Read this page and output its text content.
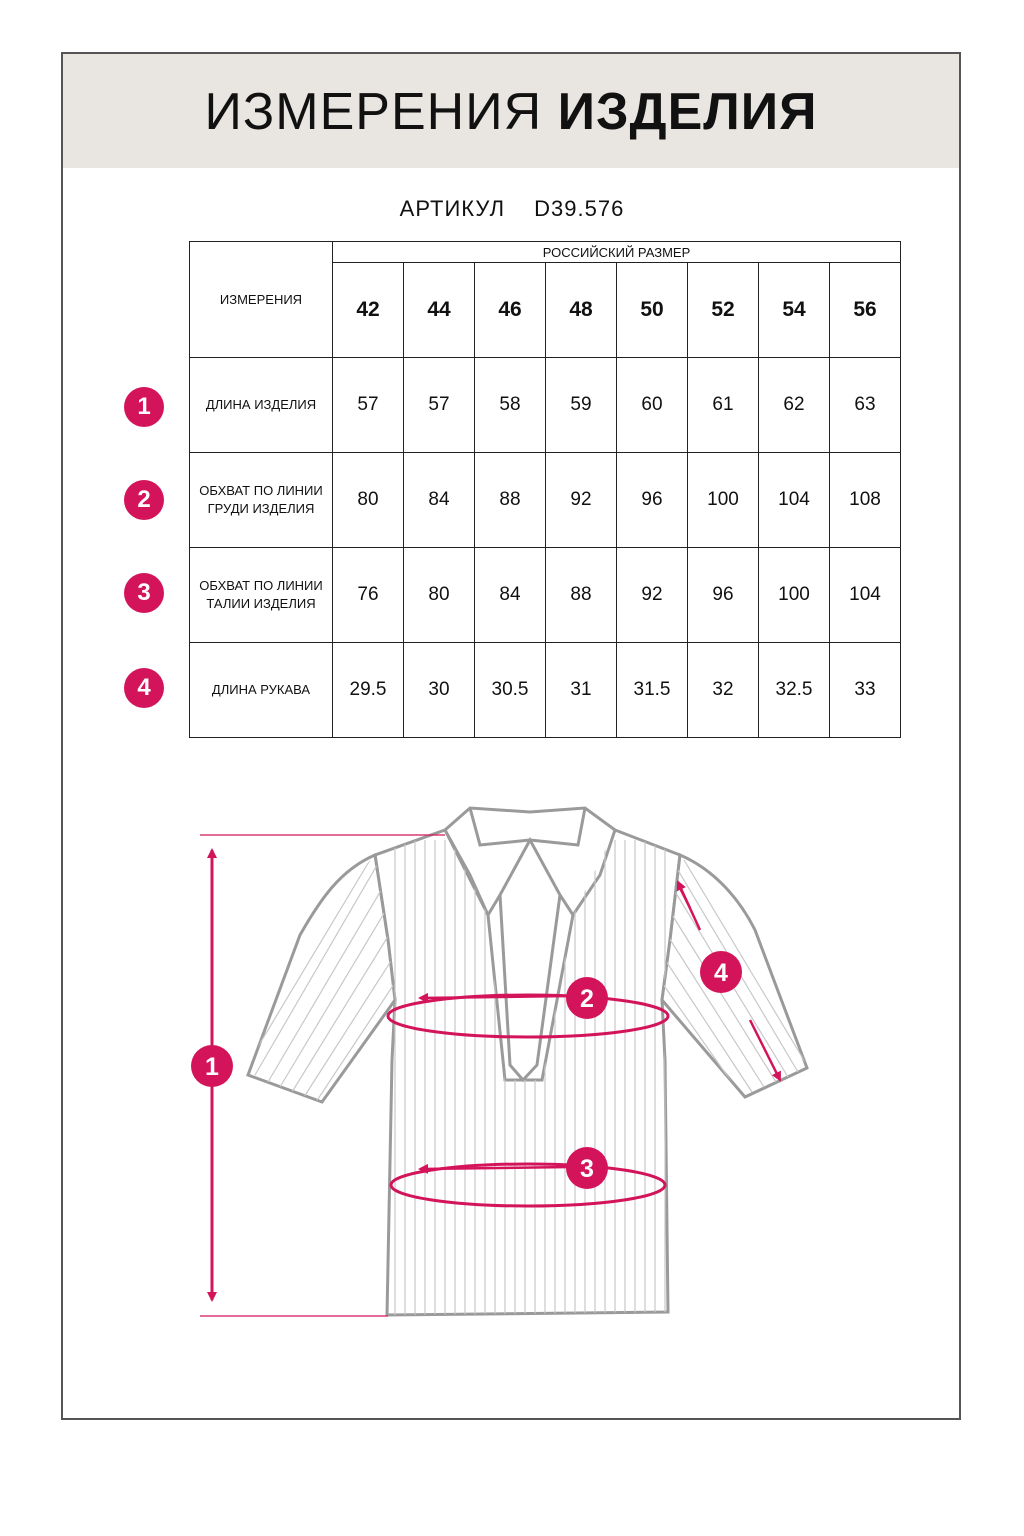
ИЗМЕРЕНИЯ ИЗДЕЛИЯ
АРТИКУЛ D39.576
ИЗМЕРЕНИЯ	РОССИЙСКИЙ РАЗМЕР							
	42	44	46	48	50	52	54	56
ДЛИНА ИЗДЕЛИЯ	57	57	58	59	60	61	62	63
ОБХВАТ ПО ЛИНИИ ГРУДИ ИЗДЕЛИЯ	80	84	88	92	96	100	104	108
ОБХВАТ ПО ЛИНИИ ТАЛИИ ИЗДЕЛИЯ	76	80	84	88	92	96	100	104
ДЛИНА РУКАВА	29.5	30	30.5	31	31.5	32	32.5	33
1
2
3
4
1
2
3
4
